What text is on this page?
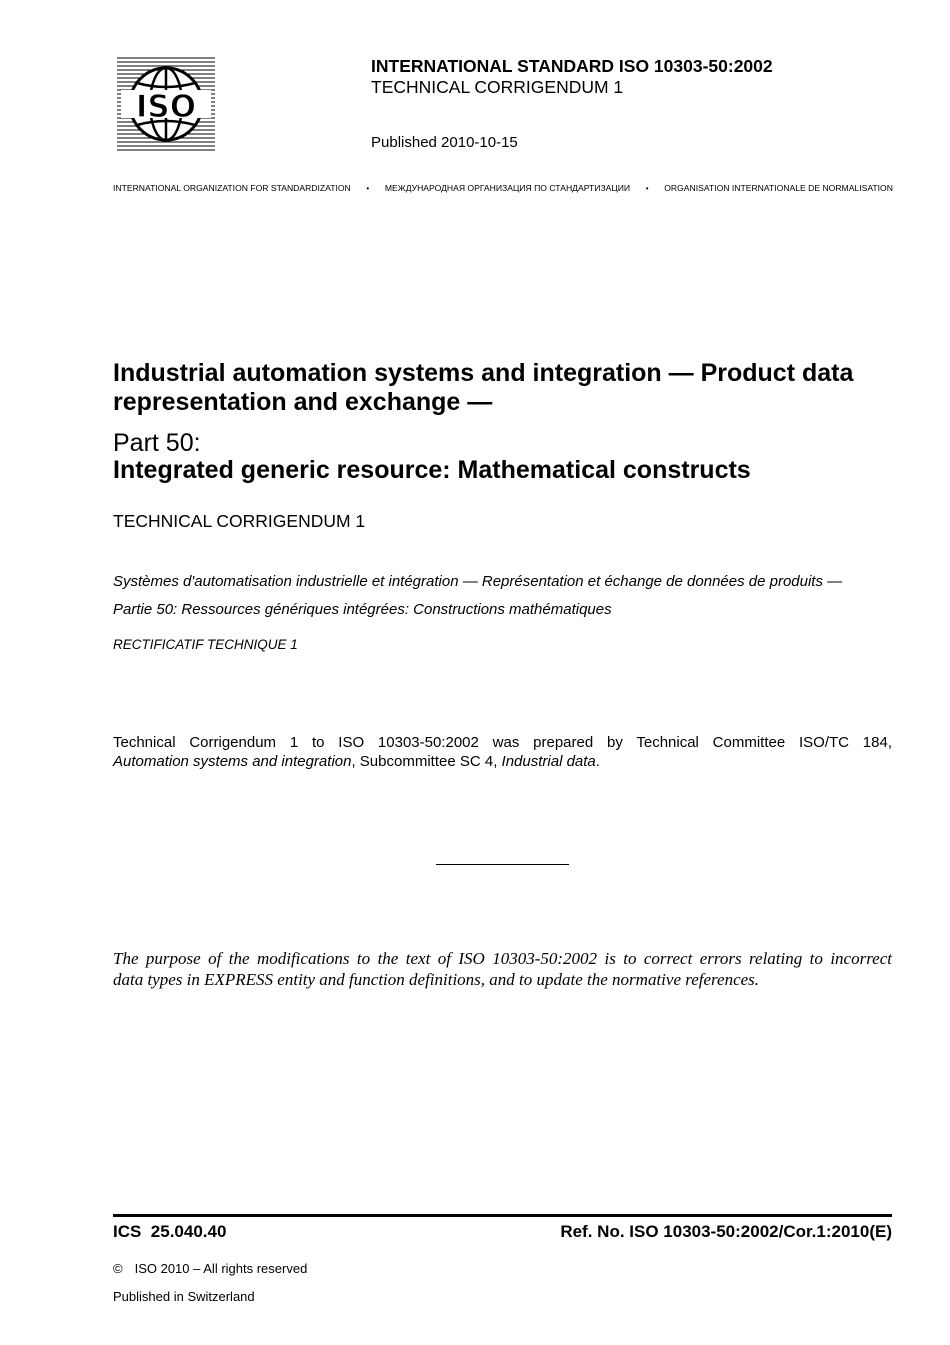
ISO
INTERNATIONAL STANDARD ISO 10303-50:2002
TECHNICAL CORRIGENDUM 1
Published 2010-10-15
INTERNATIONAL ORGANIZATION FOR STANDARDIZATION	•	МЕЖДУНАРОДНАЯ ОРГАНИЗАЦИЯ ПО СТАНДАРТИЗАЦИИ	•	ORGANISATION INTERNATIONALE DE NORMALISATION
Industrial automation systems and integration — Product data representation and exchange —
Part 50:
Integrated generic resource: Mathematical constructs
TECHNICAL CORRIGENDUM 1
Systèmes d'automatisation industrielle et intégration — Représentation et échange de données de produits —
Partie 50: Ressources génériques intégrées: Constructions mathématiques
RECTIFICATIF TECHNIQUE 1
Technical Corrigendum 1 to ISO 10303-50:2002 was prepared by Technical Committee ISO/TC 184,
Automation systems and integration, Subcommittee SC 4, Industrial data.
The purpose of the modifications to the text of ISO 10303-50:2002 is to correct errors relating to incorrect
data types in EXPRESS entity and function definitions, and to update the normative references.
ICS  25.040.40	Ref. No. ISO 10303-50:2002/Cor.1:2010(E)
© ISO 2010 – All rights reserved
Published in Switzerland
